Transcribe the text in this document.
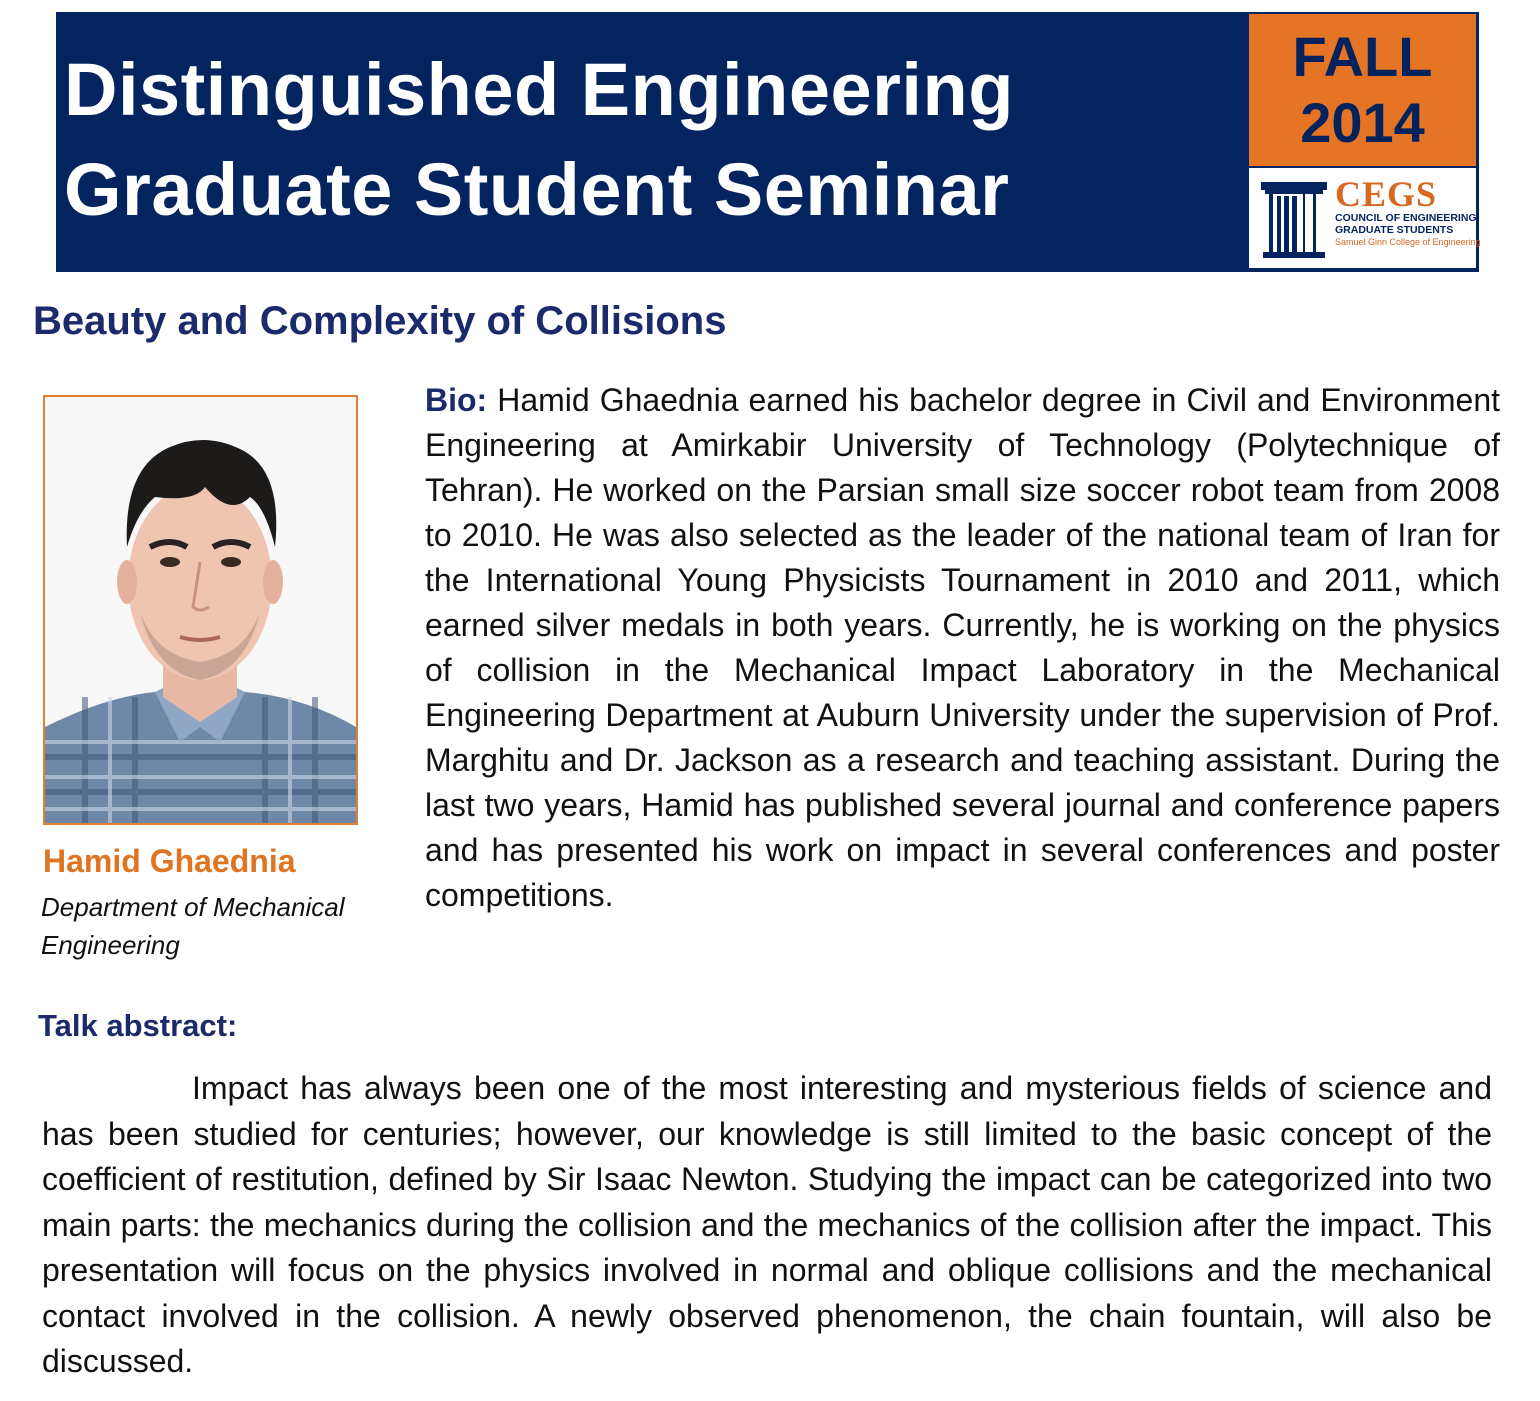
Distinguished Engineering
Graduate Student Seminar
FALL
2014
CEGS
COUNCIL OF ENGINEERING
GRADUATE STUDENTS
Samuel Ginn College of Engineering
Beauty and Complexity of Collisions
Hamid Ghaednia
Department of Mechanical Engineering
Bio: Hamid Ghaednia earned his bachelor degree in Civil and Environment Engineering at Amirkabir University of Technology (Polytechnique of Tehran). He worked on the Parsian small size soccer robot team from 2008 to 2010. He was also selected as the leader of the national team of Iran for the International Young Physicists Tournament in 2010 and 2011, which earned silver medals in both years. Currently, he is working on the physics of collision in the Mechanical Impact Laboratory in the Mechanical Engineering Department at Auburn University under the supervision of Prof. Marghitu and Dr. Jackson as a research and teaching assistant. During the last two years, Hamid has published several journal and conference papers and has presented his work on impact in several conferences and poster competitions.
Talk abstract:
Impact has always been one of the most interesting and mysterious fields of science and has been studied for centuries; however, our knowledge is still limited to the basic concept of the coefficient of restitution, defined by Sir Isaac Newton. Studying the impact can be categorized into two main parts: the mechanics during the collision and the mechanics of the collision after the impact. This presentation will focus on the physics involved in normal and oblique collisions and the mechanical contact involved in the collision. A newly observed phenomenon, the chain fountain, will also be discussed.
